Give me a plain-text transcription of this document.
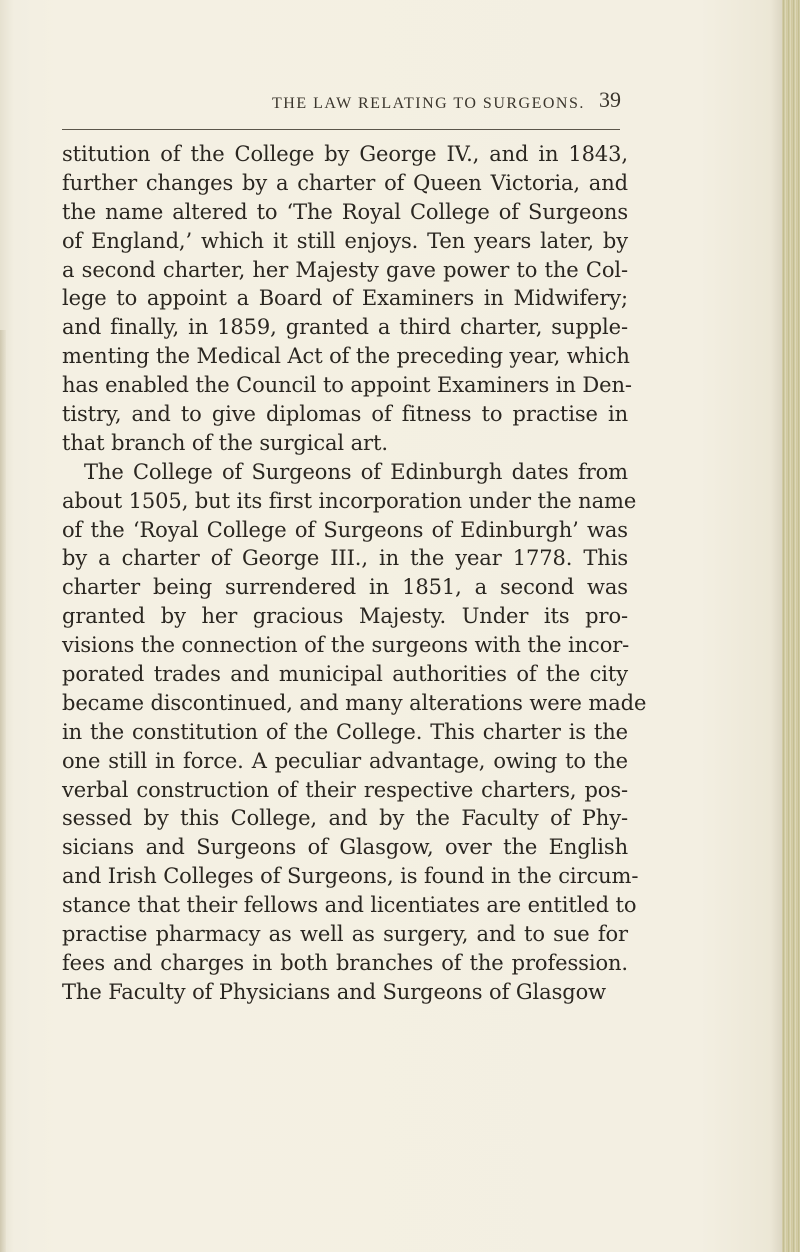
THE LAW RELATING TO SURGEONS. 39
stitution of the College by George IV., and in 1843,
further changes by a charter of Queen Victoria, and
the name altered to ‘The Royal College of Surgeons
of England,’ which it still enjoys. Ten years later, by
a second charter, her Majesty gave power to the Col-
lege to appoint a Board of Examiners in Midwifery;
and finally, in 1859, granted a third charter, supple-
menting the Medical Act of the preceding year, which
has enabled the Council to appoint Examiners in Den-
tistry, and to give diplomas of fitness to practise in
that branch of the surgical art.
The College of Surgeons of Edinburgh dates from
about 1505, but its first incorporation under the name
of the ‘Royal College of Surgeons of Edinburgh’ was
by a charter of George III., in the year 1778. This
charter being surrendered in 1851, a second was
granted by her gracious Majesty. Under its pro-
visions the connection of the surgeons with the incor-
porated trades and municipal authorities of the city
became discontinued, and many alterations were made
in the constitution of the College. This charter is the
one still in force. A peculiar advantage, owing to the
verbal construction of their respective charters, pos-
sessed by this College, and by the Faculty of Phy-
sicians and Surgeons of Glasgow, over the English
and Irish Colleges of Surgeons, is found in the circum-
stance that their fellows and licentiates are entitled to
practise pharmacy as well as surgery, and to sue for
fees and charges in both branches of the profession.
The Faculty of Physicians and Surgeons of Glasgow
